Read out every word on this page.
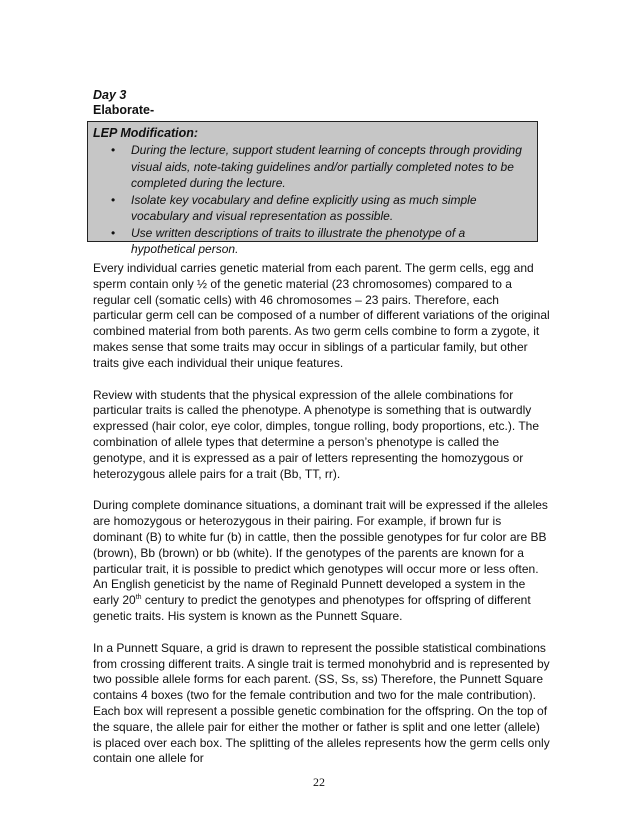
Day 3
Elaborate-
LEP Modification:
• During the lecture, support student learning of concepts through providing visual aids, note-taking guidelines and/or partially completed notes to be completed during the lecture.
• Isolate key vocabulary and define explicitly using as much simple vocabulary and visual representation as possible.
• Use written descriptions of traits to illustrate the phenotype of a hypothetical person.

Every individual carries genetic material from each parent. The germ cells, egg and sperm contain only ½ of the genetic material (23 chromosomes) compared to a regular cell (somatic cells) with 46 chromosomes – 23 pairs. Therefore, each particular germ cell can be composed of a number of different variations of the original combined material from both parents. As two germ cells combine to form a zygote, it makes sense that some traits may occur in siblings of a particular family, but other traits give each individual their unique features.

Review with students that the physical expression of the allele combinations for particular traits is called the phenotype. A phenotype is something that is outwardly expressed (hair color, eye color, dimples, tongue rolling, body proportions, etc.). The combination of allele types that determine a person’s phenotype is called the genotype, and it is expressed as a pair of letters representing the homozygous or heterozygous allele pairs for a trait (Bb, TT, rr).

During complete dominance situations, a dominant trait will be expressed if the alleles are homozygous or heterozygous in their pairing. For example, if brown fur is dominant (B) to white fur (b) in cattle, then the possible genotypes for fur color are BB (brown), Bb (brown) or bb (white). If the genotypes of the parents are known for a particular trait, it is possible to predict which genotypes will occur more or less often. An English geneticist by the name of Reginald Punnett developed a system in the early 20th century to predict the genotypes and phenotypes for offspring of different genetic traits. His system is known as the Punnett Square.

In a Punnett Square, a grid is drawn to represent the possible statistical combinations from crossing different traits. A single trait is termed monohybrid and is represented by two possible allele forms for each parent. (SS, Ss, ss) Therefore, the Punnett Square contains 4 boxes (two for the female contribution and two for the male contribution). Each box will represent a possible genetic combination for the offspring. On the top of the square, the allele pair for either the mother or father is split and one letter (allele) is placed over each box. The splitting of the alleles represents how the germ cells only contain one allele for

22
